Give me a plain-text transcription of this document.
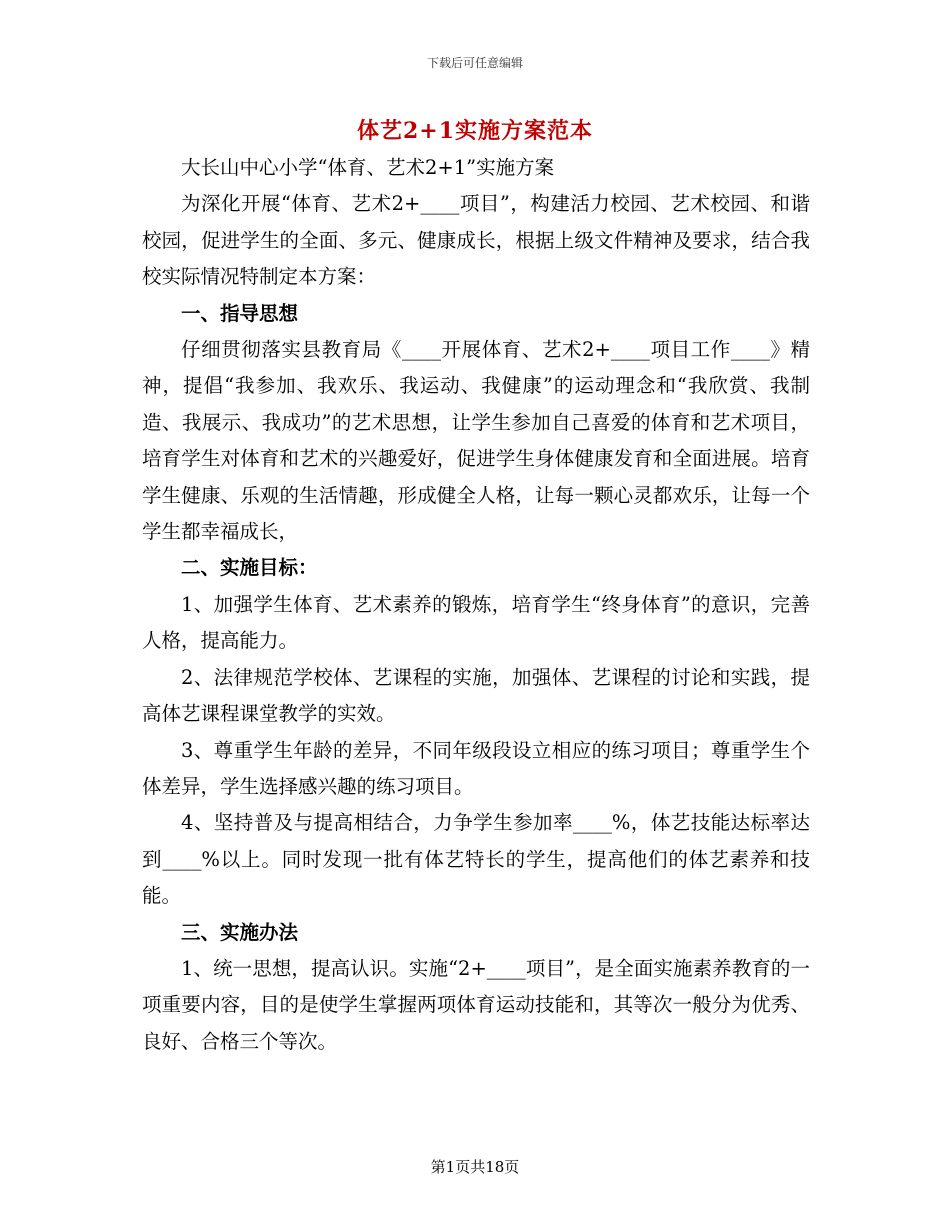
下载后可任意编辑
体艺2+1实施方案范本

大长山中心小学“体育、艺术2+1”实施方案

为深化开展“体育、艺术2+____项目”，构建活力校园、艺术校园、和谐校园，促进学生的全面、多元、健康成长，根据上级文件精神及要求，结合我校实际情况特制定本方案：

一、指导思想

仔细贯彻落实县教育局《____开展体育、艺术2+____项目工作____》精神，提倡“我参加、我欢乐、我运动、我健康”的运动理念和“我欣赏、我制造、我展示、我成功”的艺术思想，让学生参加自己喜爱的体育和艺术项目，培育学生对体育和艺术的兴趣爱好，促进学生身体健康发育和全面进展。培育学生健康、乐观的生活情趣，形成健全人格，让每一颗心灵都欢乐，让每一个学生都幸福成长，

二、实施目标：

1、加强学生体育、艺术素养的锻炼，培育学生“终身体育”的意识，完善人格，提高能力。

2、法律规范学校体、艺课程的实施，加强体、艺课程的讨论和实践，提高体艺课程课堂教学的实效。

3、尊重学生年龄的差异，不同年级段设立相应的练习项目；尊重学生个体差异，学生选择感兴趣的练习项目。

4、坚持普及与提高相结合，力争学生参加率____%，体艺技能达标率达到____%以上。同时发现一批有体艺特长的学生，提高他们的体艺素养和技能。

三、实施办法

1、统一思想，提高认识。实施“2+____项目”，是全面实施素养教育的一项重要内容，目的是使学生掌握两项体育运动技能和，其等次一般分为优秀、良好、合格三个等次。

第1页共18页
